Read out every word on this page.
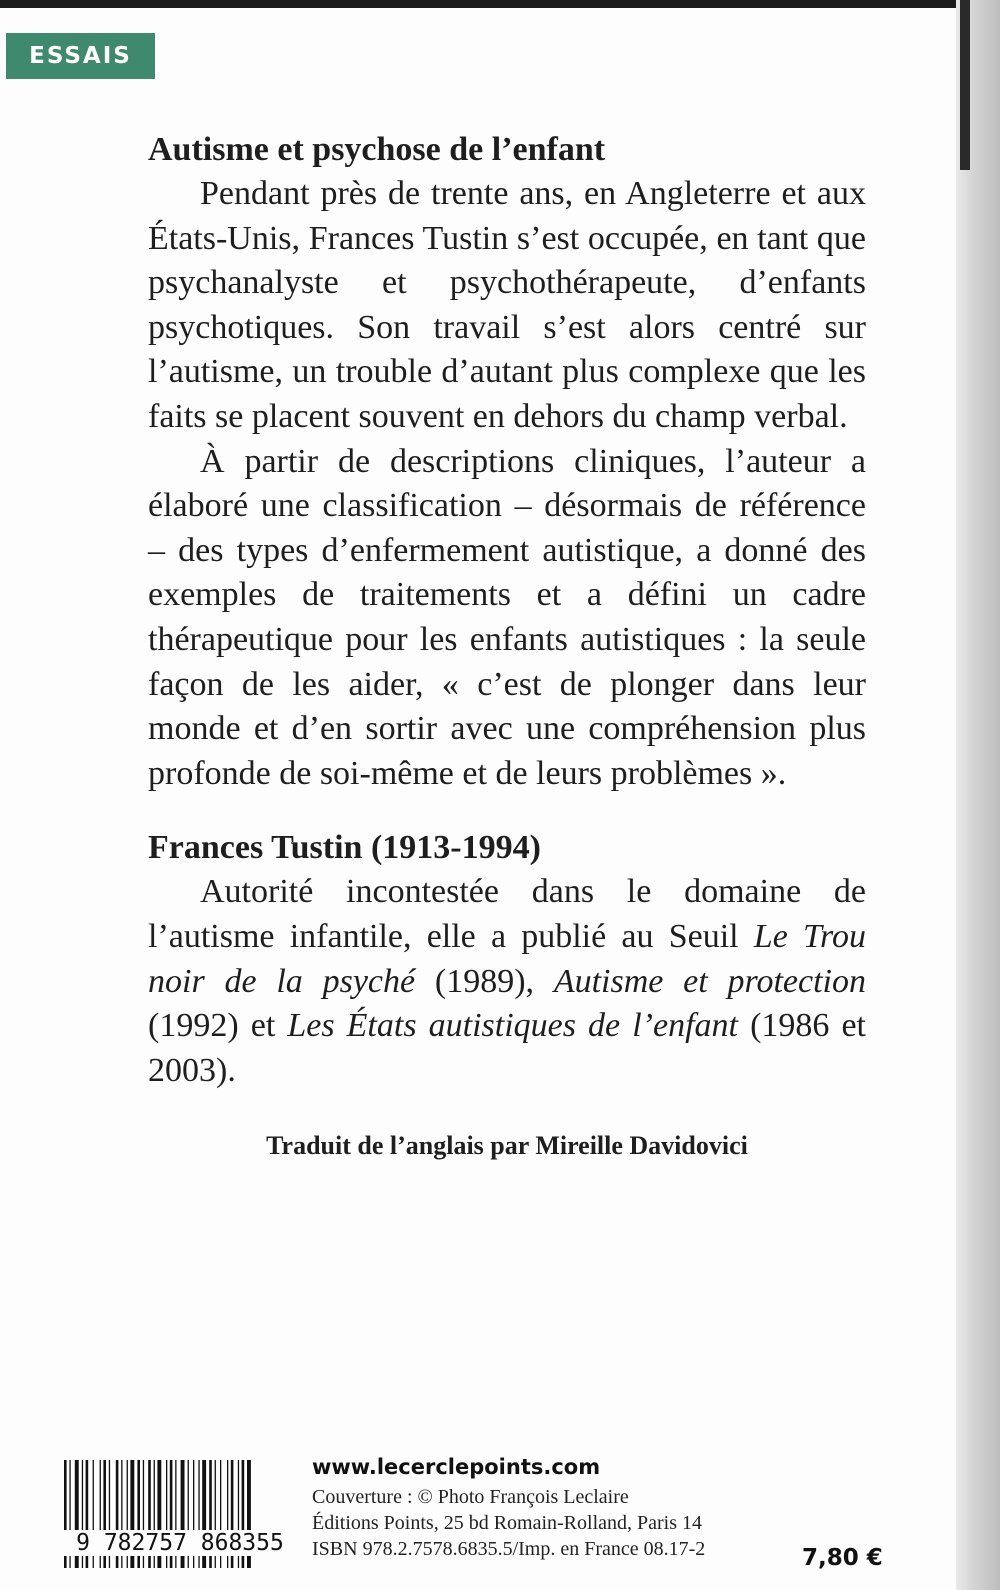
ESSAIS
Autisme et psychose de l’enfant

Pendant près de trente ans, en Angleterre et aux États-Unis, Frances Tustin s’est occupée, en tant que psychanalyste et psychothérapeute, d’enfants psychotiques. Son travail s’est alors centré sur l’autisme, un trouble d’autant plus complexe que les faits se placent souvent en dehors du champ verbal.

À partir de descriptions cliniques, l’auteur a élaboré une classification – désormais de référence – des types d’enfermement autistique, a donné des exemples de traitements et a défini un cadre thérapeutique pour les enfants autistiques : la seule façon de les aider, « c’est de plonger dans leur monde et d’en sortir avec une compréhension plus profonde de soi-même et de leurs problèmes ».

Frances Tustin (1913-1994)

Autorité incontestée dans le domaine de l’autisme infantile, elle a publié au Seuil Le Trou noir de la psyché (1989), Autisme et protection (1992) et Les États autistiques de l’enfant (1986 et 2003).

Traduit de l’anglais par Mireille Davidovici
9 782757 868355
www.lecerclepoints.com
Couverture : © Photo François Leclaire
Éditions Points, 25 bd Romain-Rolland, Paris 14
ISBN 978.2.7578.6835.5/Imp. en France 08.17-2	7,80 €
